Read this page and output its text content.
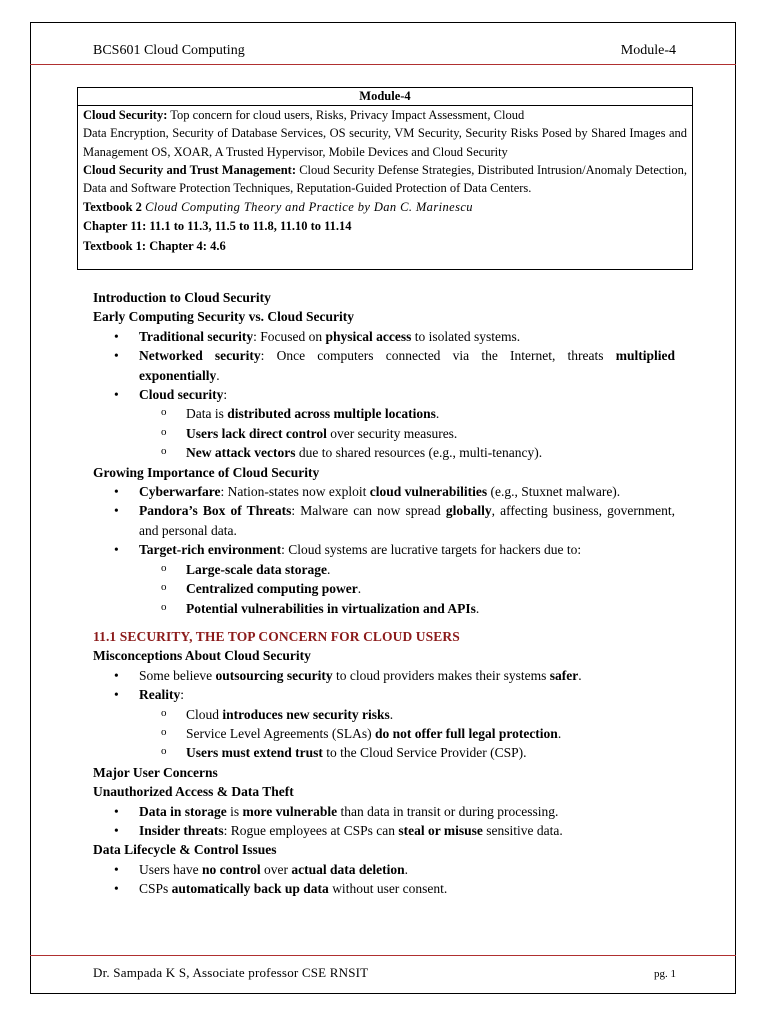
BCS601 Cloud Computing	Module-4
Module-4

Cloud Security: Top concern for cloud users, Risks, Privacy Impact Assessment, Cloud

Data Encryption, Security of Database Services, OS security, VM Security, Security Risks Posed by Shared Images and Management OS, XOAR, A Trusted Hypervisor, Mobile Devices and Cloud Security

Cloud Security and Trust Management: Cloud Security Defense Strategies, Distributed Intrusion/Anomaly Detection, Data and Software Protection Techniques, Reputation-Guided Protection of Data Centers.

Textbook 2 Cloud Computing Theory and Practice by Dan C. Marinescu

Chapter 11: 11.1 to 11.3, 11.5 to 11.8, 11.10 to 11.14

Textbook 1: Chapter 4: 4.6

Introduction to Cloud Security

Early Computing Security vs. Cloud Security

• Traditional security: Focused on physical access to isolated systems.
• Networked security: Once computers connected via the Internet, threats multiplied exponentially.
• Cloud security:
o Data is distributed across multiple locations.
o Users lack direct control over security measures.
o New attack vectors due to shared resources (e.g., multi-tenancy).

Growing Importance of Cloud Security

• Cyberwarfare: Nation-states now exploit cloud vulnerabilities (e.g., Stuxnet malware).
• Pandora’s Box of Threats: Malware can now spread globally, affecting business, government, and personal data.
• Target-rich environment: Cloud systems are lucrative targets for hackers due to:
o Large-scale data storage.
o Centralized computing power.
o Potential vulnerabilities in virtualization and APIs.

11.1 SECURITY, THE TOP CONCERN FOR CLOUD USERS

Misconceptions About Cloud Security

• Some believe outsourcing security to cloud providers makes their systems safer.
• Reality:
o Cloud introduces new security risks.
o Service Level Agreements (SLAs) do not offer full legal protection.
o Users must extend trust to the Cloud Service Provider (CSP).

Major User Concerns

Unauthorized Access & Data Theft

• Data in storage is more vulnerable than data in transit or during processing.
• Insider threats: Rogue employees at CSPs can steal or misuse sensitive data.

Data Lifecycle & Control Issues

• Users have no control over actual data deletion.
• CSPs automatically back up data without user consent.
Dr. Sampada K S, Associate professor CSE RNSIT	pg. 1
